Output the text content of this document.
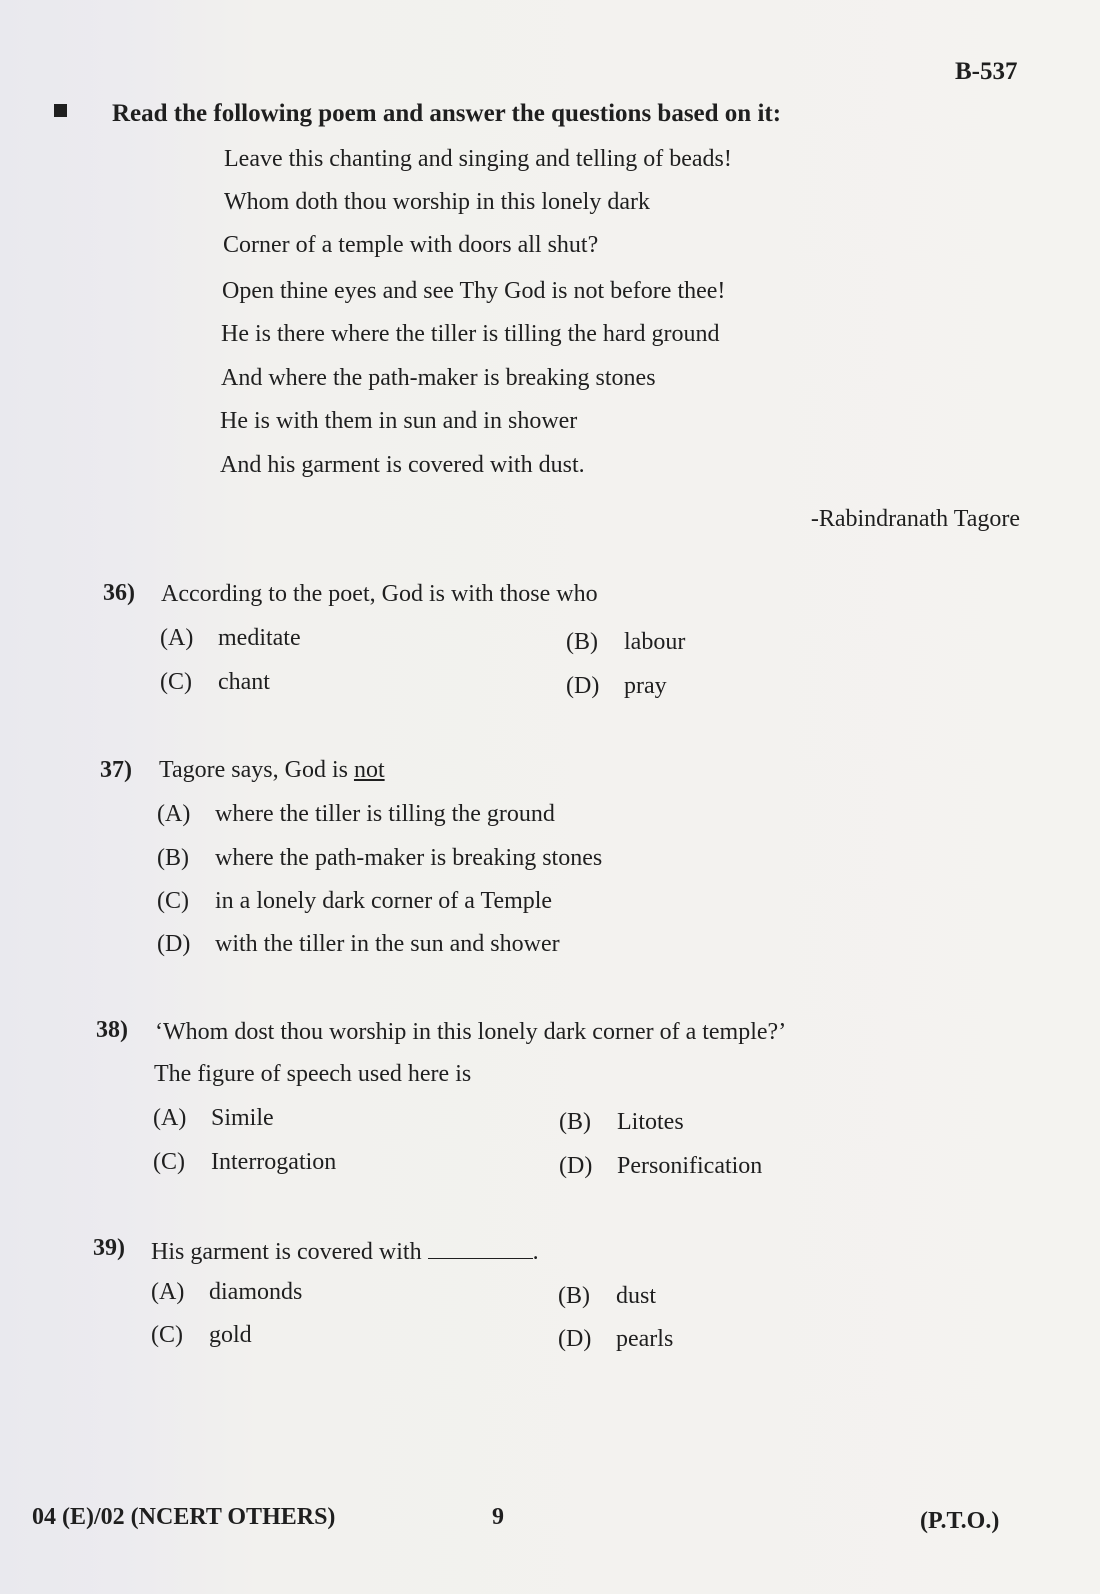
B-537
Read the following poem and answer the questions based on it:
Leave this chanting and singing and telling of beads!
Whom doth thou worship in this lonely dark
Corner of a temple with doors all shut?
Open thine eyes and see Thy God is not before thee!
He is there where the tiller is tilling the hard ground
And where the path-maker is breaking stones
He is with them in sun and in shower
And his garment is covered with dust.
-Rabindranath Tagore
36) According to the poet, God is with those who
(A) meditate	(B) labour
(C) chant	(D) pray
37) Tagore says, God is not
(A) where the tiller is tilling the ground
(B) where the path-maker is breaking stones
(C) in a lonely dark corner of a Temple
(D) with the tiller in the sun and shower
38) ‘Whom dost thou worship in this lonely dark corner of a temple?’
The figure of speech used here is
(A) Simile	(B) Litotes
(C) Interrogation	(D) Personification
39) His garment is covered with	.
(A) diamonds	(B) dust
(C) gold	(D) pearls
04 (E)/02 (NCERT OTHERS)	9	(P.T.O.)
